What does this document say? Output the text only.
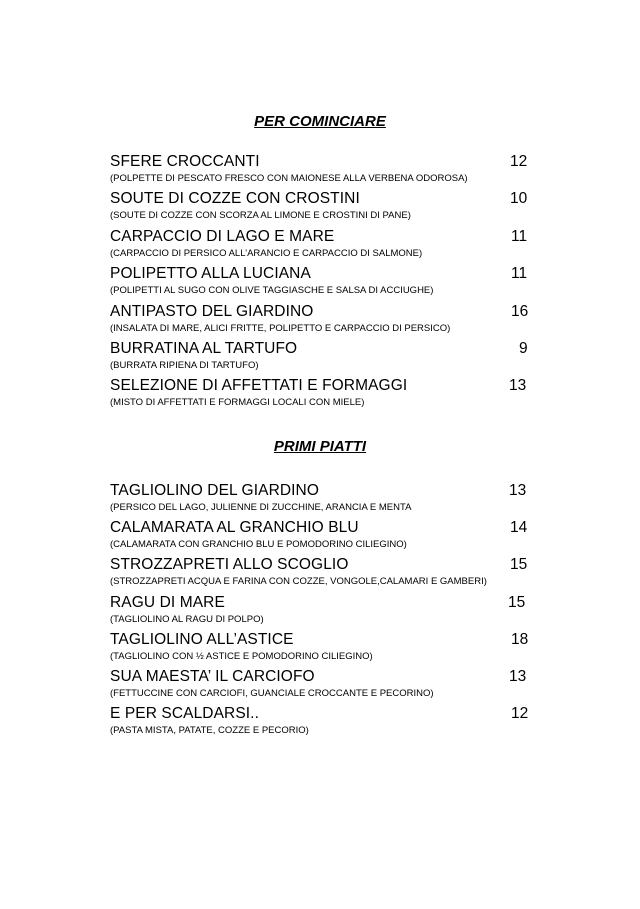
PER COMINCIARE
SFERE CROCCANTI	12
(POLPETTE DI PESCATO FRESCO CON MAIONESE ALLA VERBENA ODOROSA)
SOUTE DI COZZE CON CROSTINI	10
(SOUTE DI COZZE CON SCORZA AL LIMONE E CROSTINI DI PANE)
CARPACCIO DI LAGO E MARE	11
(CARPACCIO DI PERSICO ALL’ARANCIO E CARPACCIO DI SALMONE)
POLIPETTO ALLA LUCIANA	11
(POLIPETTI AL SUGO CON OLIVE TAGGIASCHE E SALSA DI ACCIUGHE)
ANTIPASTO DEL GIARDINO	16
(INSALATA DI MARE, ALICI FRITTE, POLIPETTO E CARPACCIO DI PERSICO)
BURRATINA AL TARTUFO	9
(BURRATA RIPIENA DI TARTUFO)
SELEZIONE DI AFFETTATI E FORMAGGI	13
(MISTO DI AFFETTATI E FORMAGGI LOCALI CON MIELE)
PRIMI PIATTI
TAGLIOLINO DEL GIARDINO	13
(PERSICO DEL LAGO, JULIENNE DI ZUCCHINE, ARANCIA E MENTA
CALAMARATA AL GRANCHIO BLU	14
(CALAMARATA CON GRANCHIO BLU E POMODORINO CILIEGINO)
STROZZAPRETI ALLO SCOGLIO	15
(STROZZAPRETI ACQUA E FARINA CON COZZE, VONGOLE,CALAMARI E GAMBERI)
RAGU DI MARE	15
(TAGLIOLINO AL RAGU DI POLPO)
TAGLIOLINO ALL’ASTICE	18
(TAGLIOLINO CON ½ ASTICE E POMODORINO CILIEGINO)
SUA MAESTA’ IL CARCIOFO	13
(FETTUCCINE CON CARCIOFI, GUANCIALE CROCCANTE E PECORINO)
E PER SCALDARSI..	12
(PASTA MISTA, PATATE, COZZE E PECORIO)
